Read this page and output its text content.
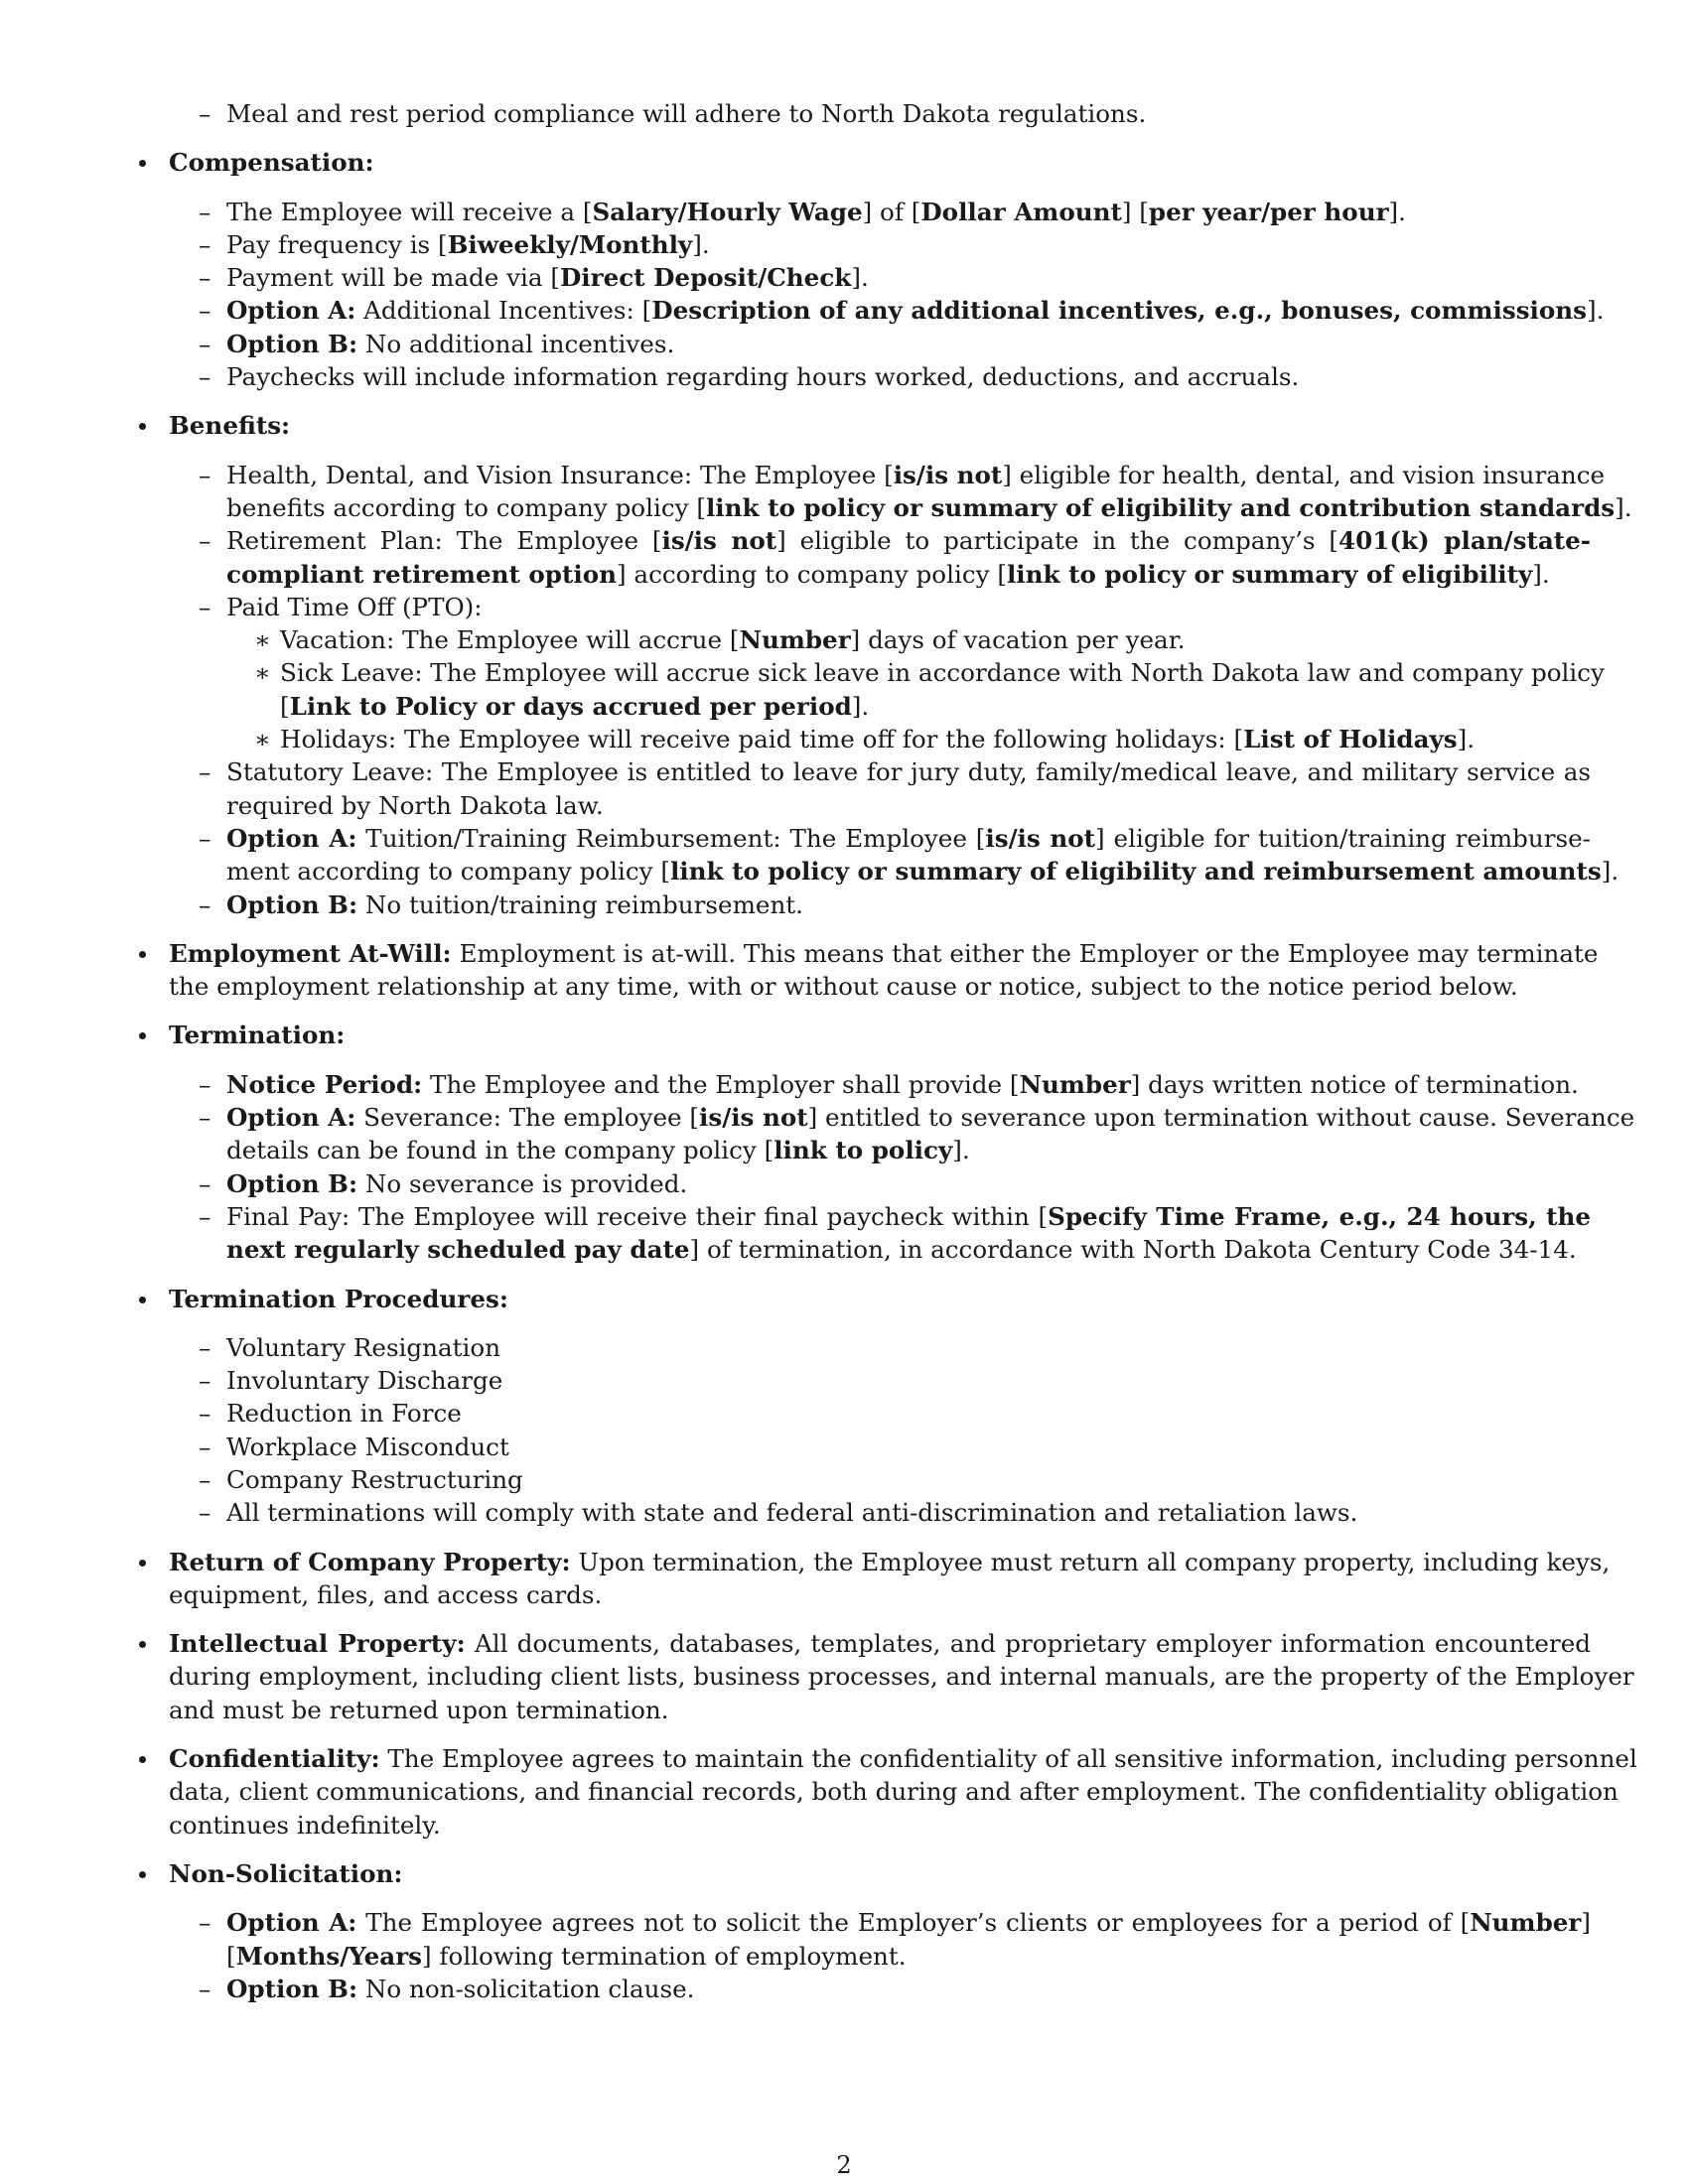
– Meal and rest period compliance will adhere to North Dakota regulations.
Compensation:
– The Employee will receive a [Salary/Hourly Wage] of [Dollar Amount] [per year/per hour].
– Pay frequency is [Biweekly/Monthly].
– Payment will be made via [Direct Deposit/Check].
– Option A: Additional Incentives: [Description of any additional incentives, e.g., bonuses, commissions].
– Option B: No additional incentives.
– Paychecks will include information regarding hours worked, deductions, and accruals.
Benefits:
– Health, Dental, and Vision Insurance: The Employee [is/is not] eligible for health, dental, and vision insurance
benefits according to company policy [link to policy or summary of eligibility and contribution standards].
– Retirement Plan: The Employee [is/is not] eligible to participate in the company’s [401(k) plan/state-
compliant retirement option] according to company policy [link to policy or summary of eligibility].
– Paid Time Off (PTO):
∗ Vacation: The Employee will accrue [Number] days of vacation per year.
∗ Sick Leave: The Employee will accrue sick leave in accordance with North Dakota law and company policy
[Link to Policy or days accrued per period].
∗ Holidays: The Employee will receive paid time off for the following holidays: [List of Holidays].
– Statutory Leave: The Employee is entitled to leave for jury duty, family/medical leave, and military service as
required by North Dakota law.
– Option A: Tuition/Training Reimbursement: The Employee [is/is not] eligible for tuition/training reimburse-
ment according to company policy [link to policy or summary of eligibility and reimbursement amounts].
– Option B: No tuition/training reimbursement.
Employment At-Will: Employment is at-will. This means that either the Employer or the Employee may terminate
the employment relationship at any time, with or without cause or notice, subject to the notice period below.
Termination:
– Notice Period: The Employee and the Employer shall provide [Number] days written notice of termination.
– Option A: Severance: The employee [is/is not] entitled to severance upon termination without cause. Severance
details can be found in the company policy [link to policy].
– Option B: No severance is provided.
– Final Pay: The Employee will receive their final paycheck within [Specify Time Frame, e.g., 24 hours, the
next regularly scheduled pay date] of termination, in accordance with North Dakota Century Code 34-14.
Termination Procedures:
– Voluntary Resignation
– Involuntary Discharge
– Reduction in Force
– Workplace Misconduct
– Company Restructuring
– All terminations will comply with state and federal anti-discrimination and retaliation laws.
Return of Company Property: Upon termination, the Employee must return all company property, including keys,
equipment, files, and access cards.
Intellectual Property: All documents, databases, templates, and proprietary employer information encountered
during employment, including client lists, business processes, and internal manuals, are the property of the Employer
and must be returned upon termination.
Confidentiality: The Employee agrees to maintain the confidentiality of all sensitive information, including personnel
data, client communications, and financial records, both during and after employment. The confidentiality obligation
continues indefinitely.
Non-Solicitation:
– Option A: The Employee agrees not to solicit the Employer’s clients or employees for a period of [Number]
[Months/Years] following termination of employment.
– Option B: No non-solicitation clause.
2
